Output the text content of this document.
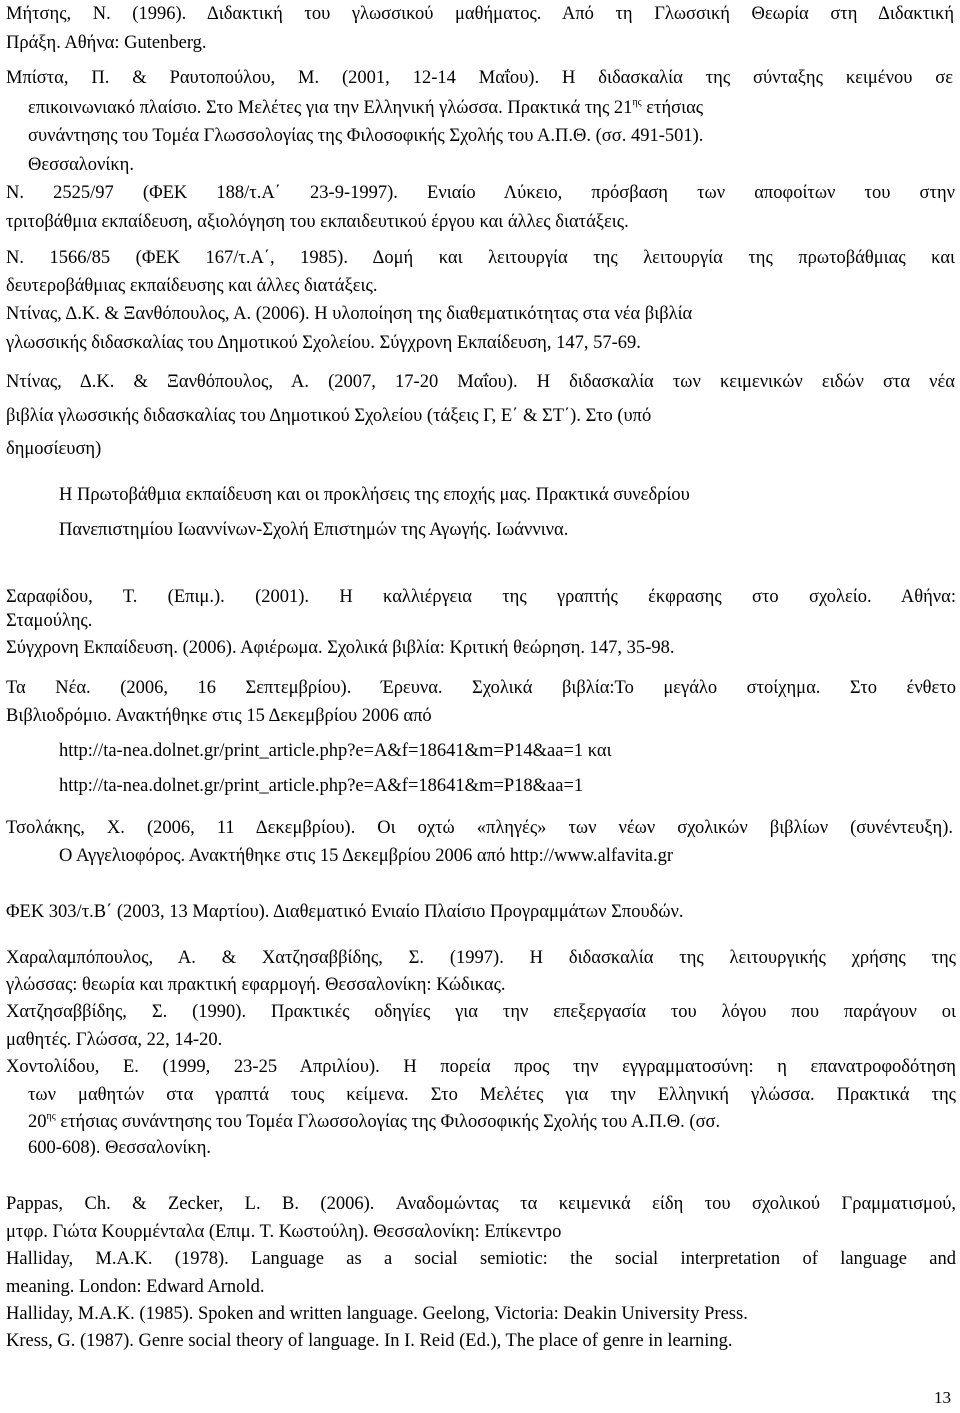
Μήτσης, Ν. (1996). Διδακτική του γλωσσικού μαθήματος. Από τη Γλωσσική Θεωρία στη Διδακτική
Πράξη. Αθήνα: Gutenberg.
Μπίστα, Π. & Ραυτοπούλου, Μ. (2001, 12-14 Μαΐου). Η διδασκαλία της σύνταξης κειμένου σε
επικοινωνιακό πλαίσιο. Στο Μελέτες για την Ελληνική γλώσσα. Πρακτικά της $21^{\eta\varsigma}$ ετήσιας
συνάντησης του Τομέα Γλωσσολογίας της Φιλοσοφικής Σχολής του Α.Π.Θ. (σσ. 491-501).
Θεσσαλονίκη.
Ν. 2525/97 (ΦΕΚ 188/τ.Α΄ 23-9-1997). Ενιαίο Λύκειο, πρόσβαση των αποφοίτων του στην
τριτοβάθμια εκπαίδευση, αξιολόγηση του εκπαιδευτικού έργου και άλλες διατάξεις.
Ν. 1566/85 (ΦΕΚ 167/τ.Α΄, 1985). Δομή και λειτουργία της λειτουργία της πρωτοβάθμιας και
δευτεροβάθμιας εκπαίδευσης και άλλες διατάξεις.
Ντίνας, Δ.Κ. & Ξανθόπουλος, Α. (2006). Η υλοποίηση της διαθεματικότητας στα νέα βιβλία
γλωσσικής διδασκαλίας του Δημοτικού Σχολείου. Σύγχρονη Εκπαίδευση, 147, 57-69.
Ντίνας, Δ.Κ. & Ξανθόπουλος, Α. (2007, 17-20 Μαΐου). Η διδασκαλία των κειμενικών ειδών στα νέα
βιβλία γλωσσικής διδασκαλίας του Δημοτικού Σχολείου (τάξεις Γ, Ε΄ & ΣΤ΄). Στο (υπό
δημοσίευση)
Η Πρωτοβάθμια εκπαίδευση και οι προκλήσεις της εποχής μας. Πρακτικά συνεδρίου
Πανεπιστημίου Ιωαννίνων-Σχολή Επιστημών της Αγωγής. Ιωάννινα.
Σαραφίδου, Τ. (Επιμ.). (2001). Η καλλιέργεια της γραπτής έκφρασης στο σχολείο. Αθήνα:
Σταμούλης.
Σύγχρονη Εκπαίδευση. (2006). Αφιέρωμα. Σχολικά βιβλία: Κριτική θεώρηση. 147, 35-98.
Τα Νέα. (2006, 16 Σεπτεμβρίου). Έρευνα. Σχολικά βιβλία:Το μεγάλο στοίχημα. Στο ένθετο
Βιβλιοδρόμιο. Ανακτήθηκε στις 15 Δεκεμβρίου 2006 από
http://ta-nea.dolnet.gr/print_article.php?e=A&f=18641&m=P14&aa=1 και
http://ta-nea.dolnet.gr/print_article.php?e=A&f=18641&m=P18&aa=1
Τσολάκης, Χ. (2006, 11 Δεκεμβρίου). Οι οχτώ «πληγές» των νέων σχολικών βιβλίων (συνέντευξη).
Ο Αγγελιοφόρος. Ανακτήθηκε στις 15 Δεκεμβρίου 2006 από http://www.alfavita.gr
ΦΕΚ 303/τ.Β΄ (2003, 13 Μαρτίου). Διαθεματικό Ενιαίο Πλαίσιο Προγραμμάτων Σπουδών.
Χαραλαμπόπουλος, Α. & Χατζησαββίδης, Σ. (1997). Η διδασκαλία της λειτουργικής χρήσης της
γλώσσας: θεωρία και πρακτική εφαρμογή. Θεσσαλονίκη: Κώδικας.
Χατζησαββίδης, Σ. (1990). Πρακτικές οδηγίες για την επεξεργασία του λόγου που παράγουν οι
μαθητές. Γλώσσα, 22, 14-20.
Χοντολίδου, Ε. (1999, 23-25 Απριλίου). Η πορεία προς την εγγραμματοσύνη: η επανατροφοδότηση
των μαθητών στα γραπτά τους κείμενα. Στο Μελέτες για την Ελληνική γλώσσα. Πρακτικά της
$20^{\eta\varsigma}$ ετήσιας συνάντησης του Τομέα Γλωσσολογίας της Φιλοσοφικής Σχολής του Α.Π.Θ. (σσ.
600-608). Θεσσαλονίκη.
Pappas, Ch. & Zecker, L. B. (2006). Αναδομώντας τα κειμενικά είδη του σχολικού Γραμματισμού,
μτφρ. Γιώτα Κουρμένταλα (Επιμ. Τ. Κωστούλη). Θεσσαλονίκη: Επίκεντρο
Halliday, M.A.K. (1978). Language as a social semiotic: the social interpretation of language and
meaning. London: Edward Arnold.
Halliday, M.A.K. (1985). Spoken and written language. Geelong, Victoria: Deakin University Press.
Kress, G. (1987). Genre social theory of language. In I. Reid (Ed.), The place of genre in learning.
13
